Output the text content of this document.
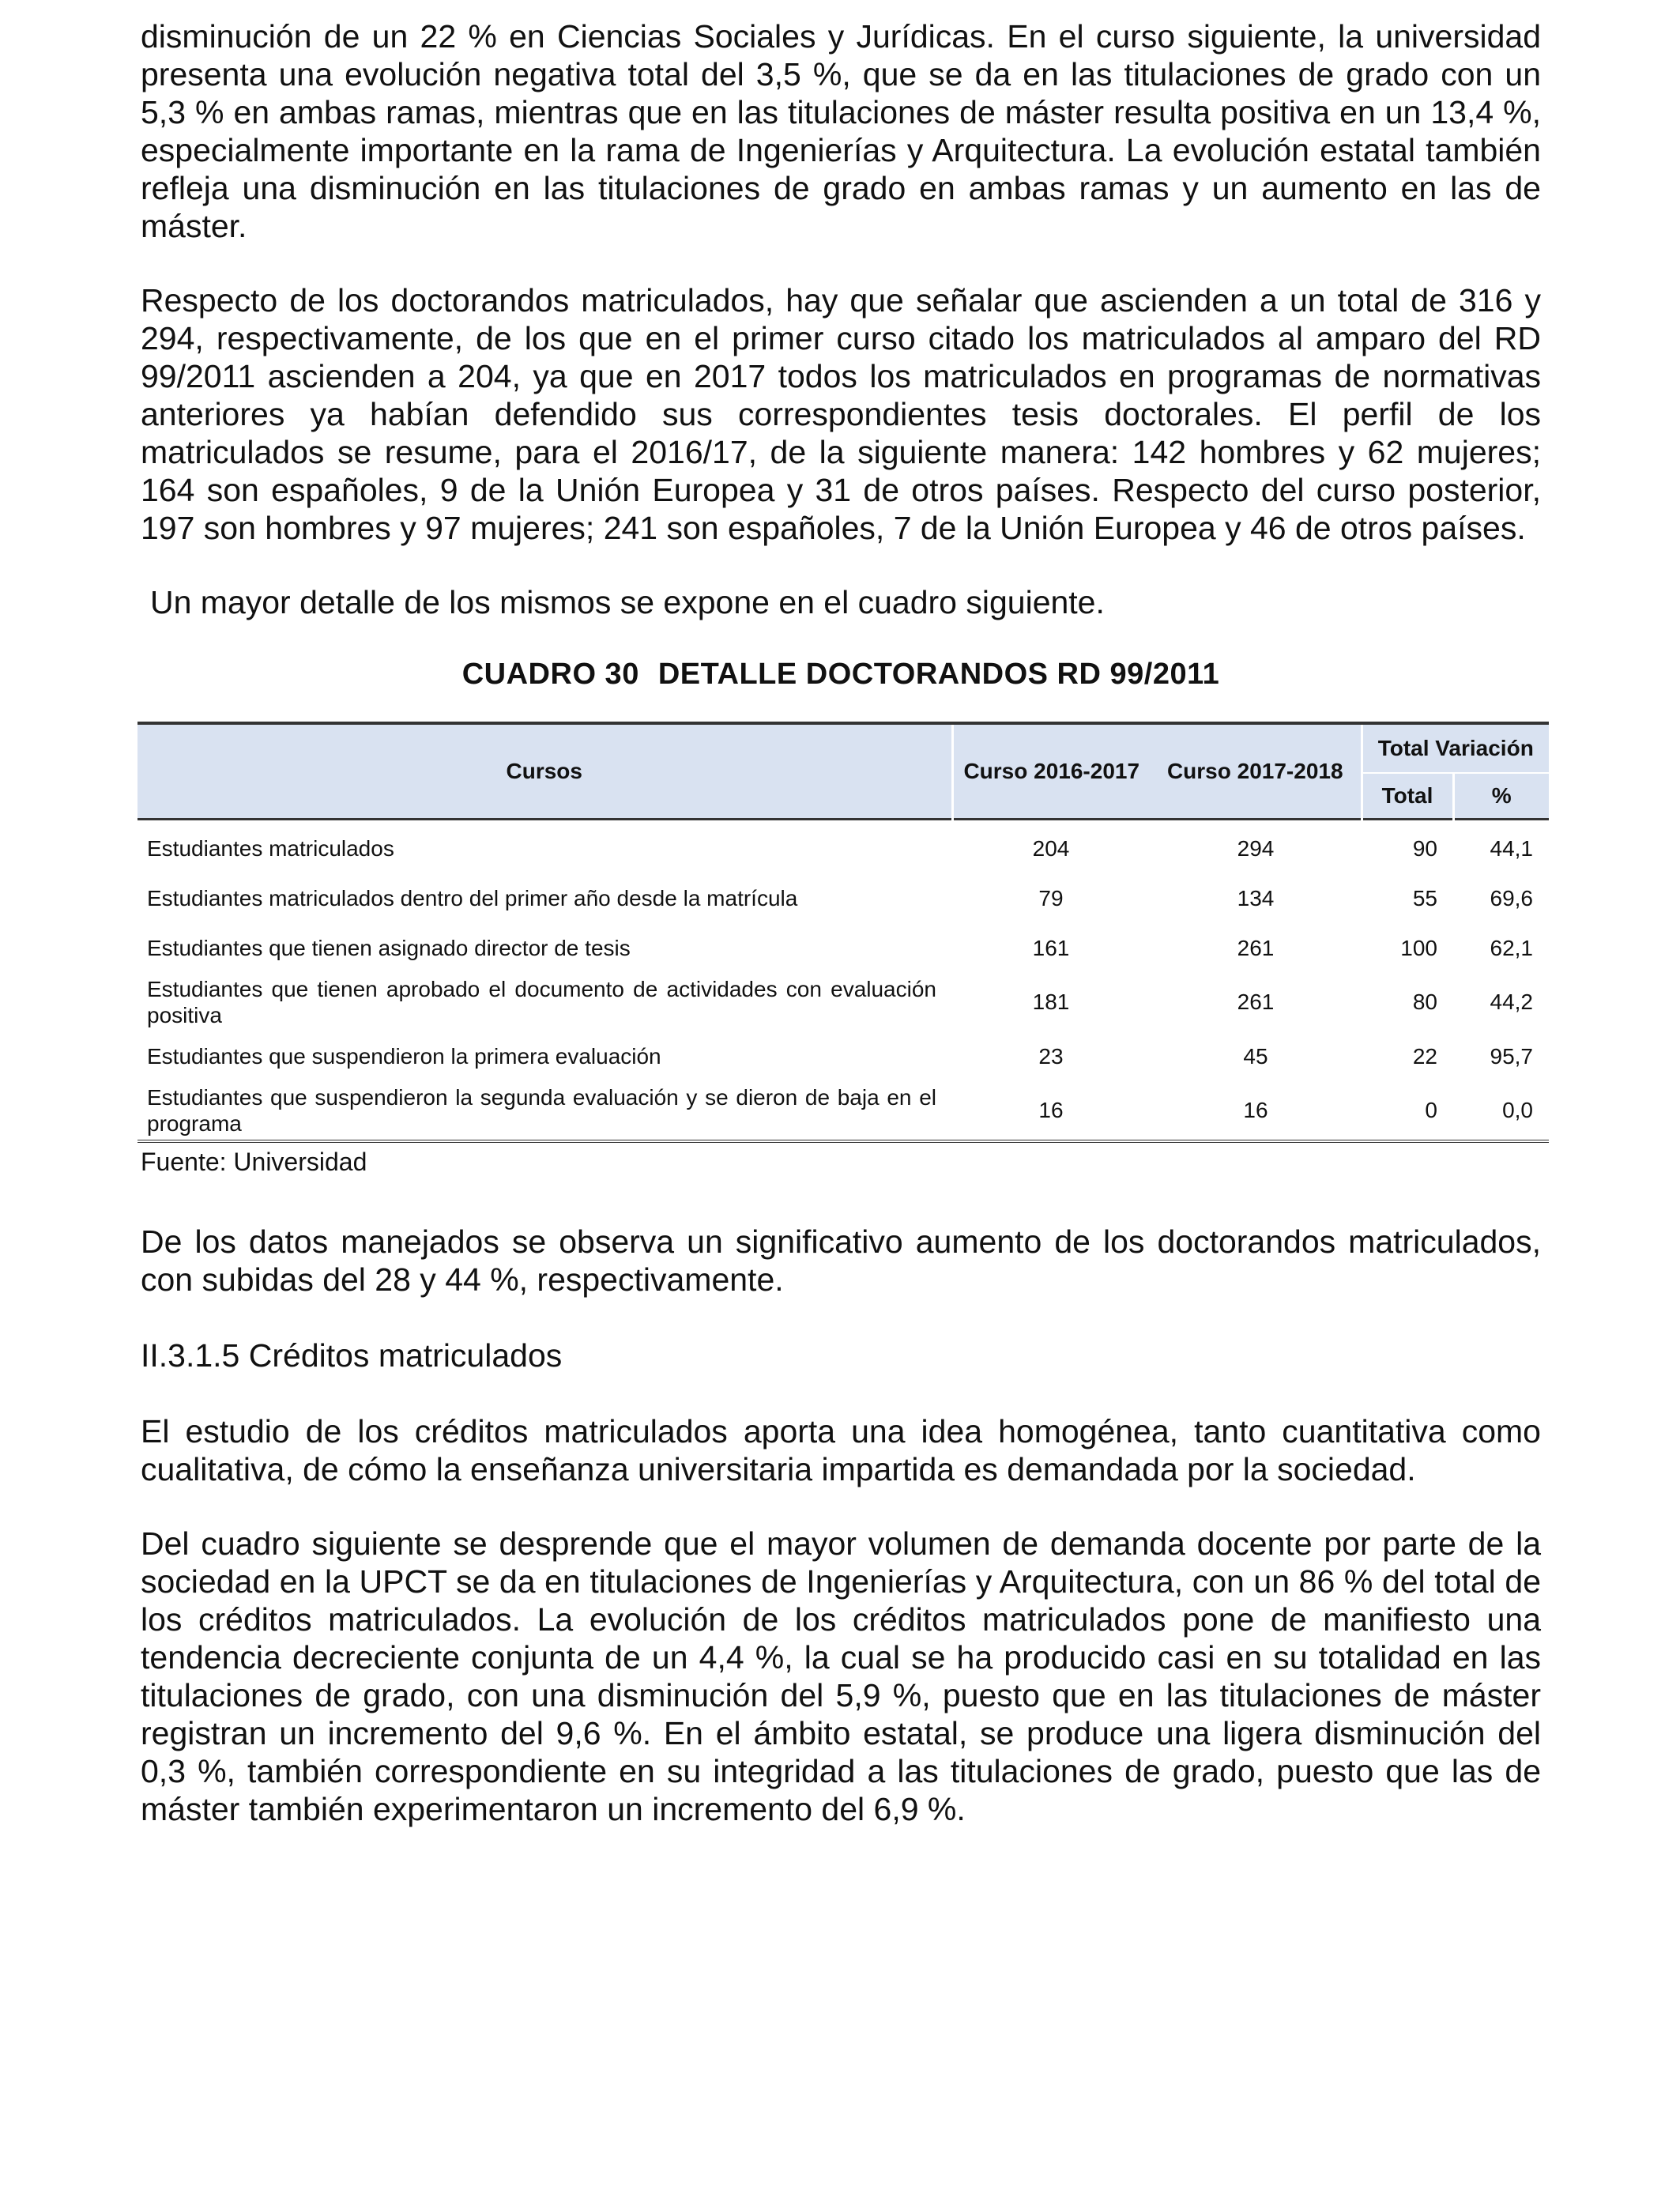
disminución de un 22 % en Ciencias Sociales y Jurídicas. En el curso siguiente, la universidad presenta una evolución negativa total del 3,5 %, que se da en las titulaciones de grado con un 5,3 % en ambas ramas, mientras que en las titulaciones de máster resulta positiva en un 13,4 %, especialmente importante en la rama de Ingenierías y Arquitectura. La evolución estatal también refleja una disminución en las titulaciones de grado en ambas ramas y un aumento en las de máster.

Respecto de los doctorandos matriculados, hay que señalar que ascienden a un total de 316 y 294, respectivamente, de los que en el primer curso citado los matriculados al amparo del RD 99/2011 ascienden a 204, ya que en 2017 todos los matriculados en programas de normativas anteriores ya habían defendido sus correspondientes tesis doctorales. El perfil de los matriculados se resume, para el 2016/17, de la siguiente manera: 142 hombres y 62 mujeres; 164 son españoles, 9 de la Unión Europea y 31 de otros países. Respecto del curso posterior, 197 son hombres y 97 mujeres; 241 son españoles, 7 de la Unión Europea y 46 de otros países.

Un mayor detalle de los mismos se expone en el cuadro siguiente.

CUADRO 30 DETALLE DOCTORANDOS RD 99/2011

Cursos	Curso 2016-2017	Curso 2017-2018	Total Variación	
			Total	%
Estudiantes matriculados	204	294	90	44,1
Estudiantes matriculados dentro del primer año desde la matrícula	79	134	55	69,6
Estudiantes que tienen asignado director de tesis	161	261	100	62,1
Estudiantes que tienen aprobado el documento de actividades con evaluación positiva	181	261	80	44,2
Estudiantes que suspendieron la primera evaluación	23	45	22	95,7
Estudiantes que suspendieron la segunda evaluación y se dieron de baja en el programa	16	16	0	0,0

Fuente: Universidad

De los datos manejados se observa un significativo aumento de los doctorandos matriculados, con subidas del 28 y 44 %, respectivamente.

II.3.1.5 Créditos matriculados

El estudio de los créditos matriculados aporta una idea homogénea, tanto cuantitativa como cualitativa, de cómo la enseñanza universitaria impartida es demandada por la sociedad.

Del cuadro siguiente se desprende que el mayor volumen de demanda docente por parte de la sociedad en la UPCT se da en titulaciones de Ingenierías y Arquitectura, con un 86 % del total de los créditos matriculados. La evolución de los créditos matriculados pone de manifiesto una tendencia decreciente conjunta de un 4,4 %, la cual se ha producido casi en su totalidad en las titulaciones de grado, con una disminución del 5,9 %, puesto que en las titulaciones de máster registran un incremento del 9,6 %. En el ámbito estatal, se produce una ligera disminución del 0,3 %, también correspondiente en su integridad a las titulaciones de grado, puesto que las de máster también experimentaron un incremento del 6,9 %.
